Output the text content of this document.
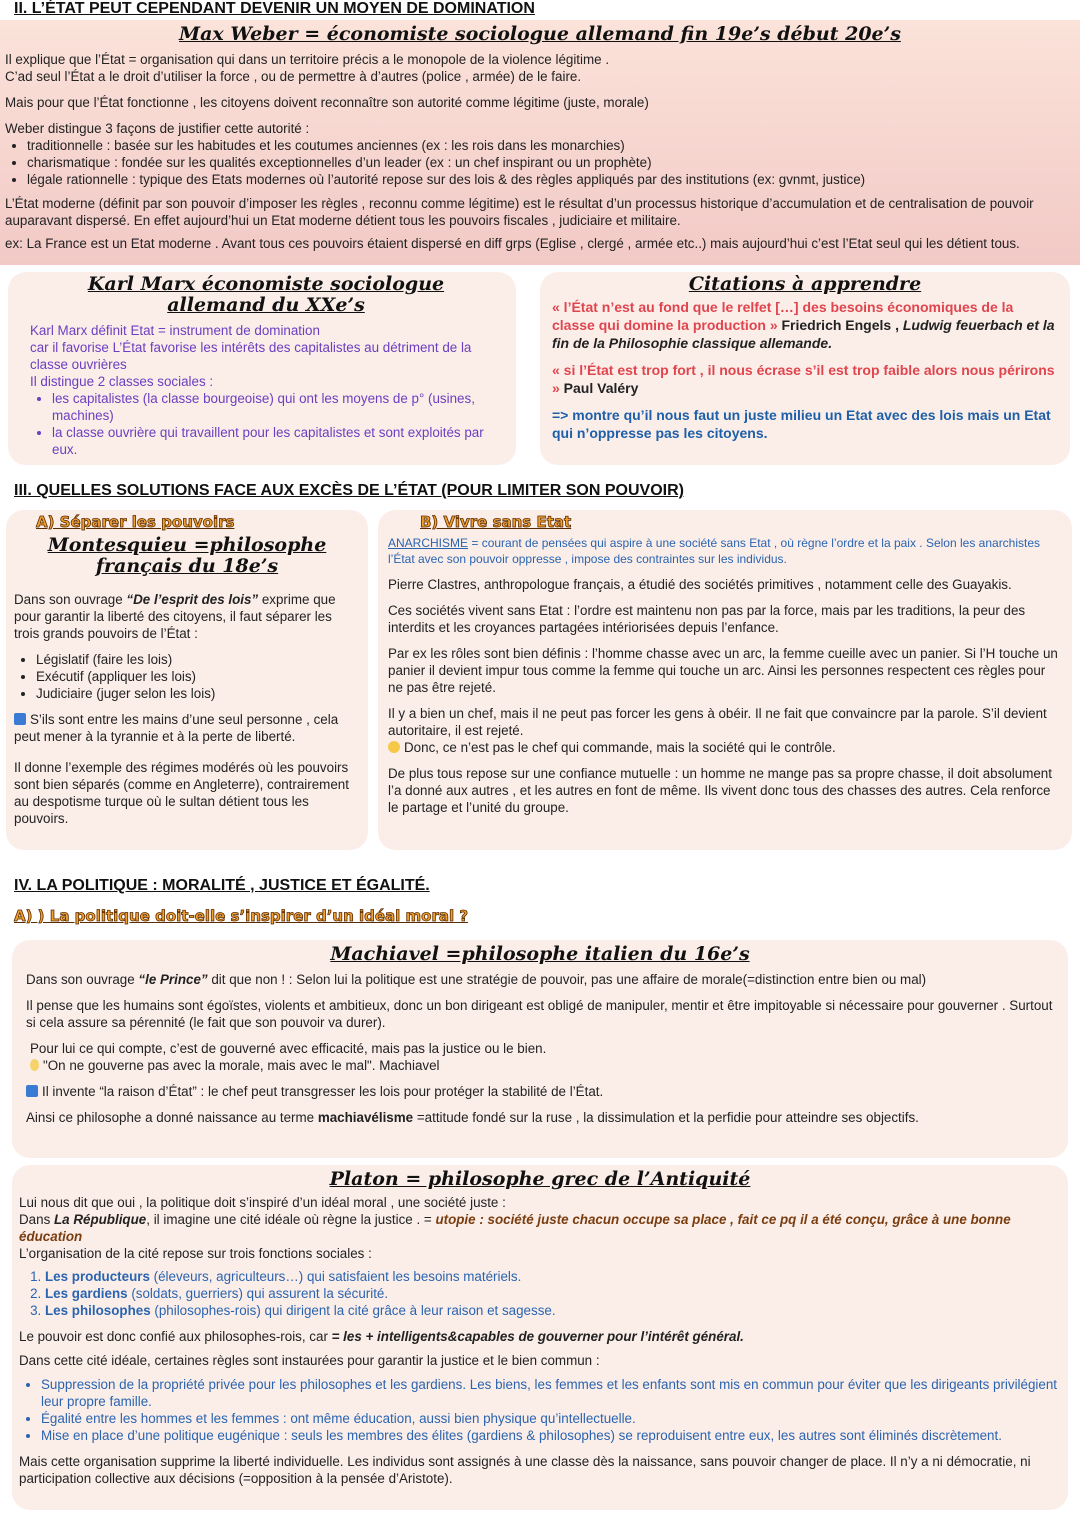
II. L’ÉTAT PEUT CEPENDANT DEVENIR UN MOYEN DE DOMINATION
Max Weber = économiste sociologue allemand fin 19e’s début 20e’s

Il explique que l’État = organisation qui dans un territoire précis a le monopole de la violence légitime .
C’ad seul l’État a le droit d’utiliser la force , ou de permettre à d’autres (police , armée) de le faire.

Mais pour que l’État fonctionne , les citoyens doivent reconnaître son autorité comme légitime (juste, morale)

Weber distingue 3 façons de justifier cette autorité :
• traditionnelle : basée sur les habitudes et les coutumes anciennes (ex : les rois dans les monarchies)
• charismatique : fondée sur les qualités exceptionnelles d’un leader (ex : un chef inspirant ou un prophète)
• légale rationnelle : typique des Etats modernes où l’autorité repose sur des lois & des règles appliqués par des institutions (ex: gvnmt, justice)

L’État moderne (définit par son pouvoir d’imposer les règles , reconnu comme légitime) est le résultat d’un processus historique d’accumulation et de centralisation de pouvoir auparavant dispersé. En effet aujourd’hui un Etat moderne détient tous les pouvoirs fiscales , judiciaire et militaire.

ex: La France est un Etat moderne . Avant tous ces pouvoirs étaient dispersé en diff grps (Eglise , clergé , armée etc..) mais aujourd’hui c’est l’Etat seul qui les détient tous.

Karl Marx économiste sociologue allemand du XXe’s
Karl Marx définit Etat = instrument de domination
car il favorise L’État favorise les intérêts des capitalistes au détriment de la classe ouvrières
Il distingue 2 classes sociales :
• les capitalistes (la classe bourgeoise) qui ont les moyens de p° (usines, machines)
• la classe ouvrière qui travaillent pour les capitalistes et sont exploités par eux.
Citations à apprendre

« l’État n’est au fond que le relfet […] des besoins économiques de la classe qui domine la production » Friedrich Engels , Ludwig feuerbach et la fin de la Philosophie classique allemande.

« si l’État est trop fort , il nous écrase s’il est trop faible alors nous périrons » Paul Valéry

=> montre qu’il nous faut un juste milieu un Etat avec des lois mais un Etat qui n’oppresse pas les citoyens.

III. QUELLES SOLUTIONS FACE AUX EXCÈS DE L’ÉTAT (POUR LIMITER SON POUVOIR)
A) Séparer les pouvoirs
Montesquieu =philosophe français du 18e’s

Dans son ouvrage “De l’esprit des lois” exprime que pour garantir la liberté des citoyens, il faut séparer les trois grands pouvoirs de l’État :

• Législatif (faire les lois)
• Exécutif (appliquer les lois)
• Judiciaire (juger selon les lois)

S’ils sont entre les mains d’une seul personne , cela peut mener à la tyrannie et à la perte de liberté.

Il donne l’exemple des régimes modérés où les pouvoirs sont bien séparés (comme en Angleterre), contrairement au despotisme turque où le sultan détient tous les pouvoirs.

B) Vivre sans Etat

ANARCHISME = courant de pensées qui aspire à une société sans Etat , où règne l’ordre et la paix . Selon les anarchistes l’État avec son pouvoir oppresse , impose des contraintes sur les individus.

Pierre Clastres, anthropologue français, a étudié des sociétés primitives , notamment celle des Guayakis.

Ces sociétés vivent sans Etat : l’ordre est maintenu non pas par la force, mais par les traditions, la peur des interdits et les croyances partagées intériorisées depuis l’enfance.

Par ex les rôles sont bien définis : l’homme chasse avec un arc, la femme cueille avec un panier. Si l’H touche un panier il devient impur tous comme la femme qui touche un arc. Ainsi les personnes respectent ces règles pour ne pas être rejeté.

Il y a bien un chef, mais il ne peut pas forcer les gens à obéir. Il ne fait que convaincre par la parole. S’il devient autoritaire, il est rejeté.
Donc, ce n’est pas le chef qui commande, mais la société qui le contrôle.

De plus tous repose sur une confiance mutuelle : un homme ne mange pas sa propre chasse, il doit absolument l’a donné aux autres , et les autres en font de même. Ils vivent donc tous des chasses des autres. Cela renforce le partage et l’unité du groupe.

IV. LA POLITIQUE : MORALITÉ , JUSTICE ET ÉGALITÉ.
A) ) La politique doit-elle s’inspirer d’un idéal moral ?
Machiavel =philosophe italien du 16e’s

Dans son ouvrage “le Prince” dit que non ! : Selon lui la politique est une stratégie de pouvoir, pas une affaire de morale(=distinction entre bien ou mal)

Il pense que les humains sont égoïstes, violents et ambitieux, donc un bon dirigeant est obligé de manipuler, mentir et être impitoyable si nécessaire pour gouverner . Surtout si cela assure sa pérennité (le fait que son pouvoir va durer).

Pour lui ce qui compte, c’est de gouverné avec efficacité, mais pas la justice ou le bien.
"On ne gouverne pas avec la morale, mais avec le mal". Machiavel

Il invente “la raison d’État” : le chef peut transgresser les lois pour protéger la stabilité de l’État.

Ainsi ce philosophe a donné naissance au terme machiavélisme =attitude fondé sur la ruse , la dissimulation et la perfidie pour atteindre ses objectifs.

Platon = philosophe grec de l’Antiquité
Lui nous dit que oui , la politique doit s’inspiré d’un idéal moral , une société juste :
Dans La République, il imagine une cité idéale où règne la justice . = utopie : société juste chacun occupe sa place , fait ce pq il a été conçu, grâce à une bonne éducation

L’organisation de la cité repose sur trois fonctions sociales :

1. Les producteurs (éleveurs, agriculteurs…) qui satisfaient les besoins matériels.
2. Les gardiens (soldats, guerriers) qui assurent la sécurité.
3. Les philosophes (philosophes-rois) qui dirigent la cité grâce à leur raison et sagesse.

Le pouvoir est donc confié aux philosophes-rois, car = les + intelligents&capables de gouverner pour l’intérêt général.

Dans cette cité idéale, certaines règles sont instaurées pour garantir la justice et le bien commun :

• Suppression de la propriété privée pour les philosophes et les gardiens. Les biens, les femmes et les enfants sont mis en commun pour éviter que les dirigeants privilégient leur propre famille.
• Égalité entre les hommes et les femmes : ont même éducation, aussi bien physique qu’intellectuelle.
• Mise en place d’une politique eugénique : seuls les membres des élites (gardiens & philosophes) se reproduisent entre eux, les autres sont éliminés discrètement.

Mais cette organisation supprime la liberté individuelle. Les individus sont assignés à une classe dès la naissance, sans pouvoir changer de place. Il n’y a ni démocratie, ni participation collective aux décisions (=opposition à la pensée d’Aristote).
